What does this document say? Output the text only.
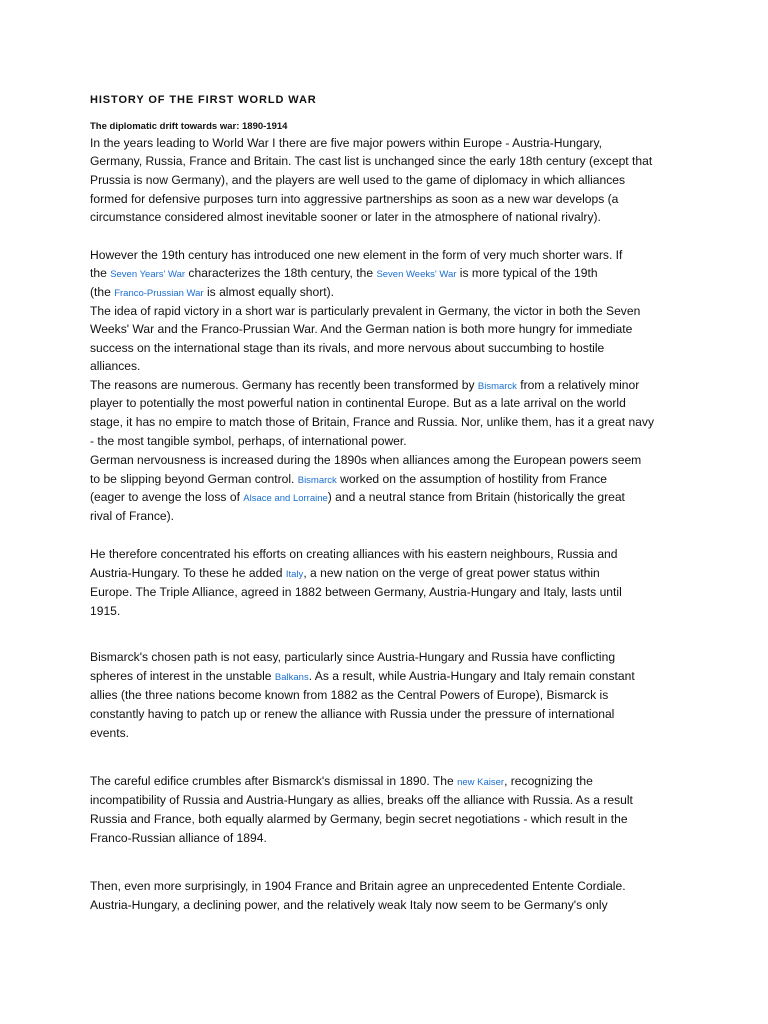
HISTORY OF THE FIRST WORLD WAR
The diplomatic drift towards war: 1890-1914
In the years leading to World War I there are five major powers within Europe - Austria-Hungary,
Germany, Russia, France and Britain. The cast list is unchanged since the early 18th century (except that
Prussia is now Germany), and the players are well used to the game of diplomacy in which alliances
formed for defensive purposes turn into aggressive partnerships as soon as a new war develops (a
circumstance considered almost inevitable sooner or later in the atmosphere of national rivalry).
However the 19th century has introduced one new element in the form of very much shorter wars. If
the Seven Years' War characterizes the 18th century, the Seven Weeks' War is more typical of the 19th
(the Franco-Prussian War is almost equally short).
The idea of rapid victory in a short war is particularly prevalent in Germany, the victor in both the Seven
Weeks' War and the Franco-Prussian War. And the German nation is both more hungry for immediate
success on the international stage than its rivals, and more nervous about succumbing to hostile
alliances.
The reasons are numerous. Germany has recently been transformed by Bismarck from a relatively minor
player to potentially the most powerful nation in continental Europe. But as a late arrival on the world
stage, it has no empire to match those of Britain, France and Russia. Nor, unlike them, has it a great navy
- the most tangible symbol, perhaps, of international power.
German nervousness is increased during the 1890s when alliances among the European powers seem
to be slipping beyond German control. Bismarck worked on the assumption of hostility from France
(eager to avenge the loss of Alsace and Lorraine) and a neutral stance from Britain (historically the great
rival of France).
He therefore concentrated his efforts on creating alliances with his eastern neighbours, Russia and
Austria-Hungary. To these he added Italy, a new nation on the verge of great power status within
Europe. The Triple Alliance, agreed in 1882 between Germany, Austria-Hungary and Italy, lasts until
1915.
Bismarck's chosen path is not easy, particularly since Austria-Hungary and Russia have conflicting
spheres of interest in the unstable Balkans. As a result, while Austria-Hungary and Italy remain constant
allies (the three nations become known from 1882 as the Central Powers of Europe), Bismarck is
constantly having to patch up or renew the alliance with Russia under the pressure of international
events.
The careful edifice crumbles after Bismarck's dismissal in 1890. The new Kaiser, recognizing the
incompatibility of Russia and Austria-Hungary as allies, breaks off the alliance with Russia. As a result
Russia and France, both equally alarmed by Germany, begin secret negotiations - which result in the
Franco-Russian alliance of 1894.
Then, even more surprisingly, in 1904 France and Britain agree an unprecedented Entente Cordiale.
Austria-Hungary, a declining power, and the relatively weak Italy now seem to be Germany's only
